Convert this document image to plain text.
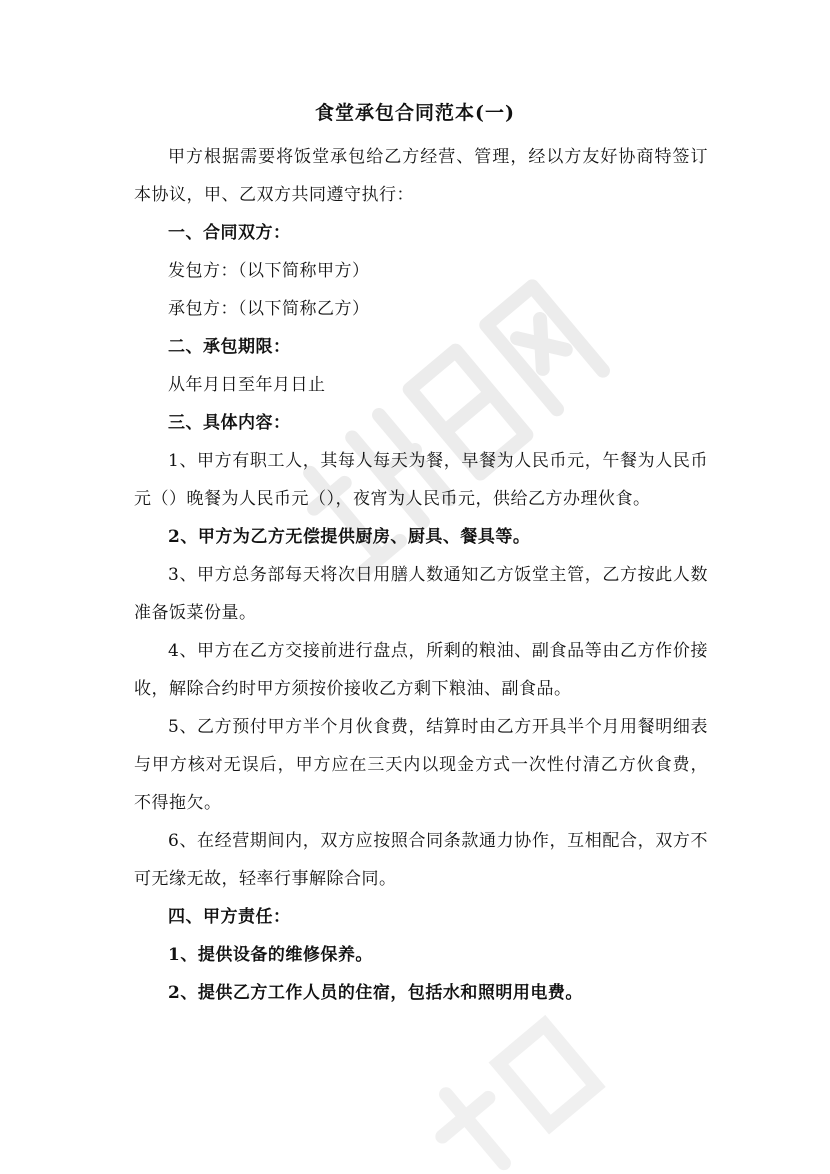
食堂承包合同范本(一)

甲方根据需要将饭堂承包给乙方经营、管理，经以方友好协商特签订本协议，甲、乙双方共同遵守执行：

一、合同双方：

发包方：（以下简称甲方）

承包方：（以下简称乙方）

二、承包期限：

从年月日至年月日止

三、具体内容：

1、甲方有职工人，其每人每天为餐，早餐为人民币元，午餐为人民币元（）晚餐为人民币元（），夜宵为人民币元，供给乙方办理伙食。

2、甲方为乙方无偿提供厨房、厨具、餐具等。

3、甲方总务部每天将次日用膳人数通知乙方饭堂主管，乙方按此人数准备饭菜份量。

4、甲方在乙方交接前进行盘点，所剩的粮油、副食品等由乙方作价接收，解除合约时甲方须按价接收乙方剩下粮油、副食品。

5、乙方预付甲方半个月伙食费，结算时由乙方开具半个月用餐明细表与甲方核对无误后，甲方应在三天内以现金方式一次性付清乙方伙食费，不得拖欠。

6、在经营期间内，双方应按照合同条款通力协作，互相配合，双方不可无缘无故，轻率行事解除合同。

四、甲方责任：

1、提供设备的维修保养。

2、提供乙方工作人员的住宿，包括水和照明用电费。
